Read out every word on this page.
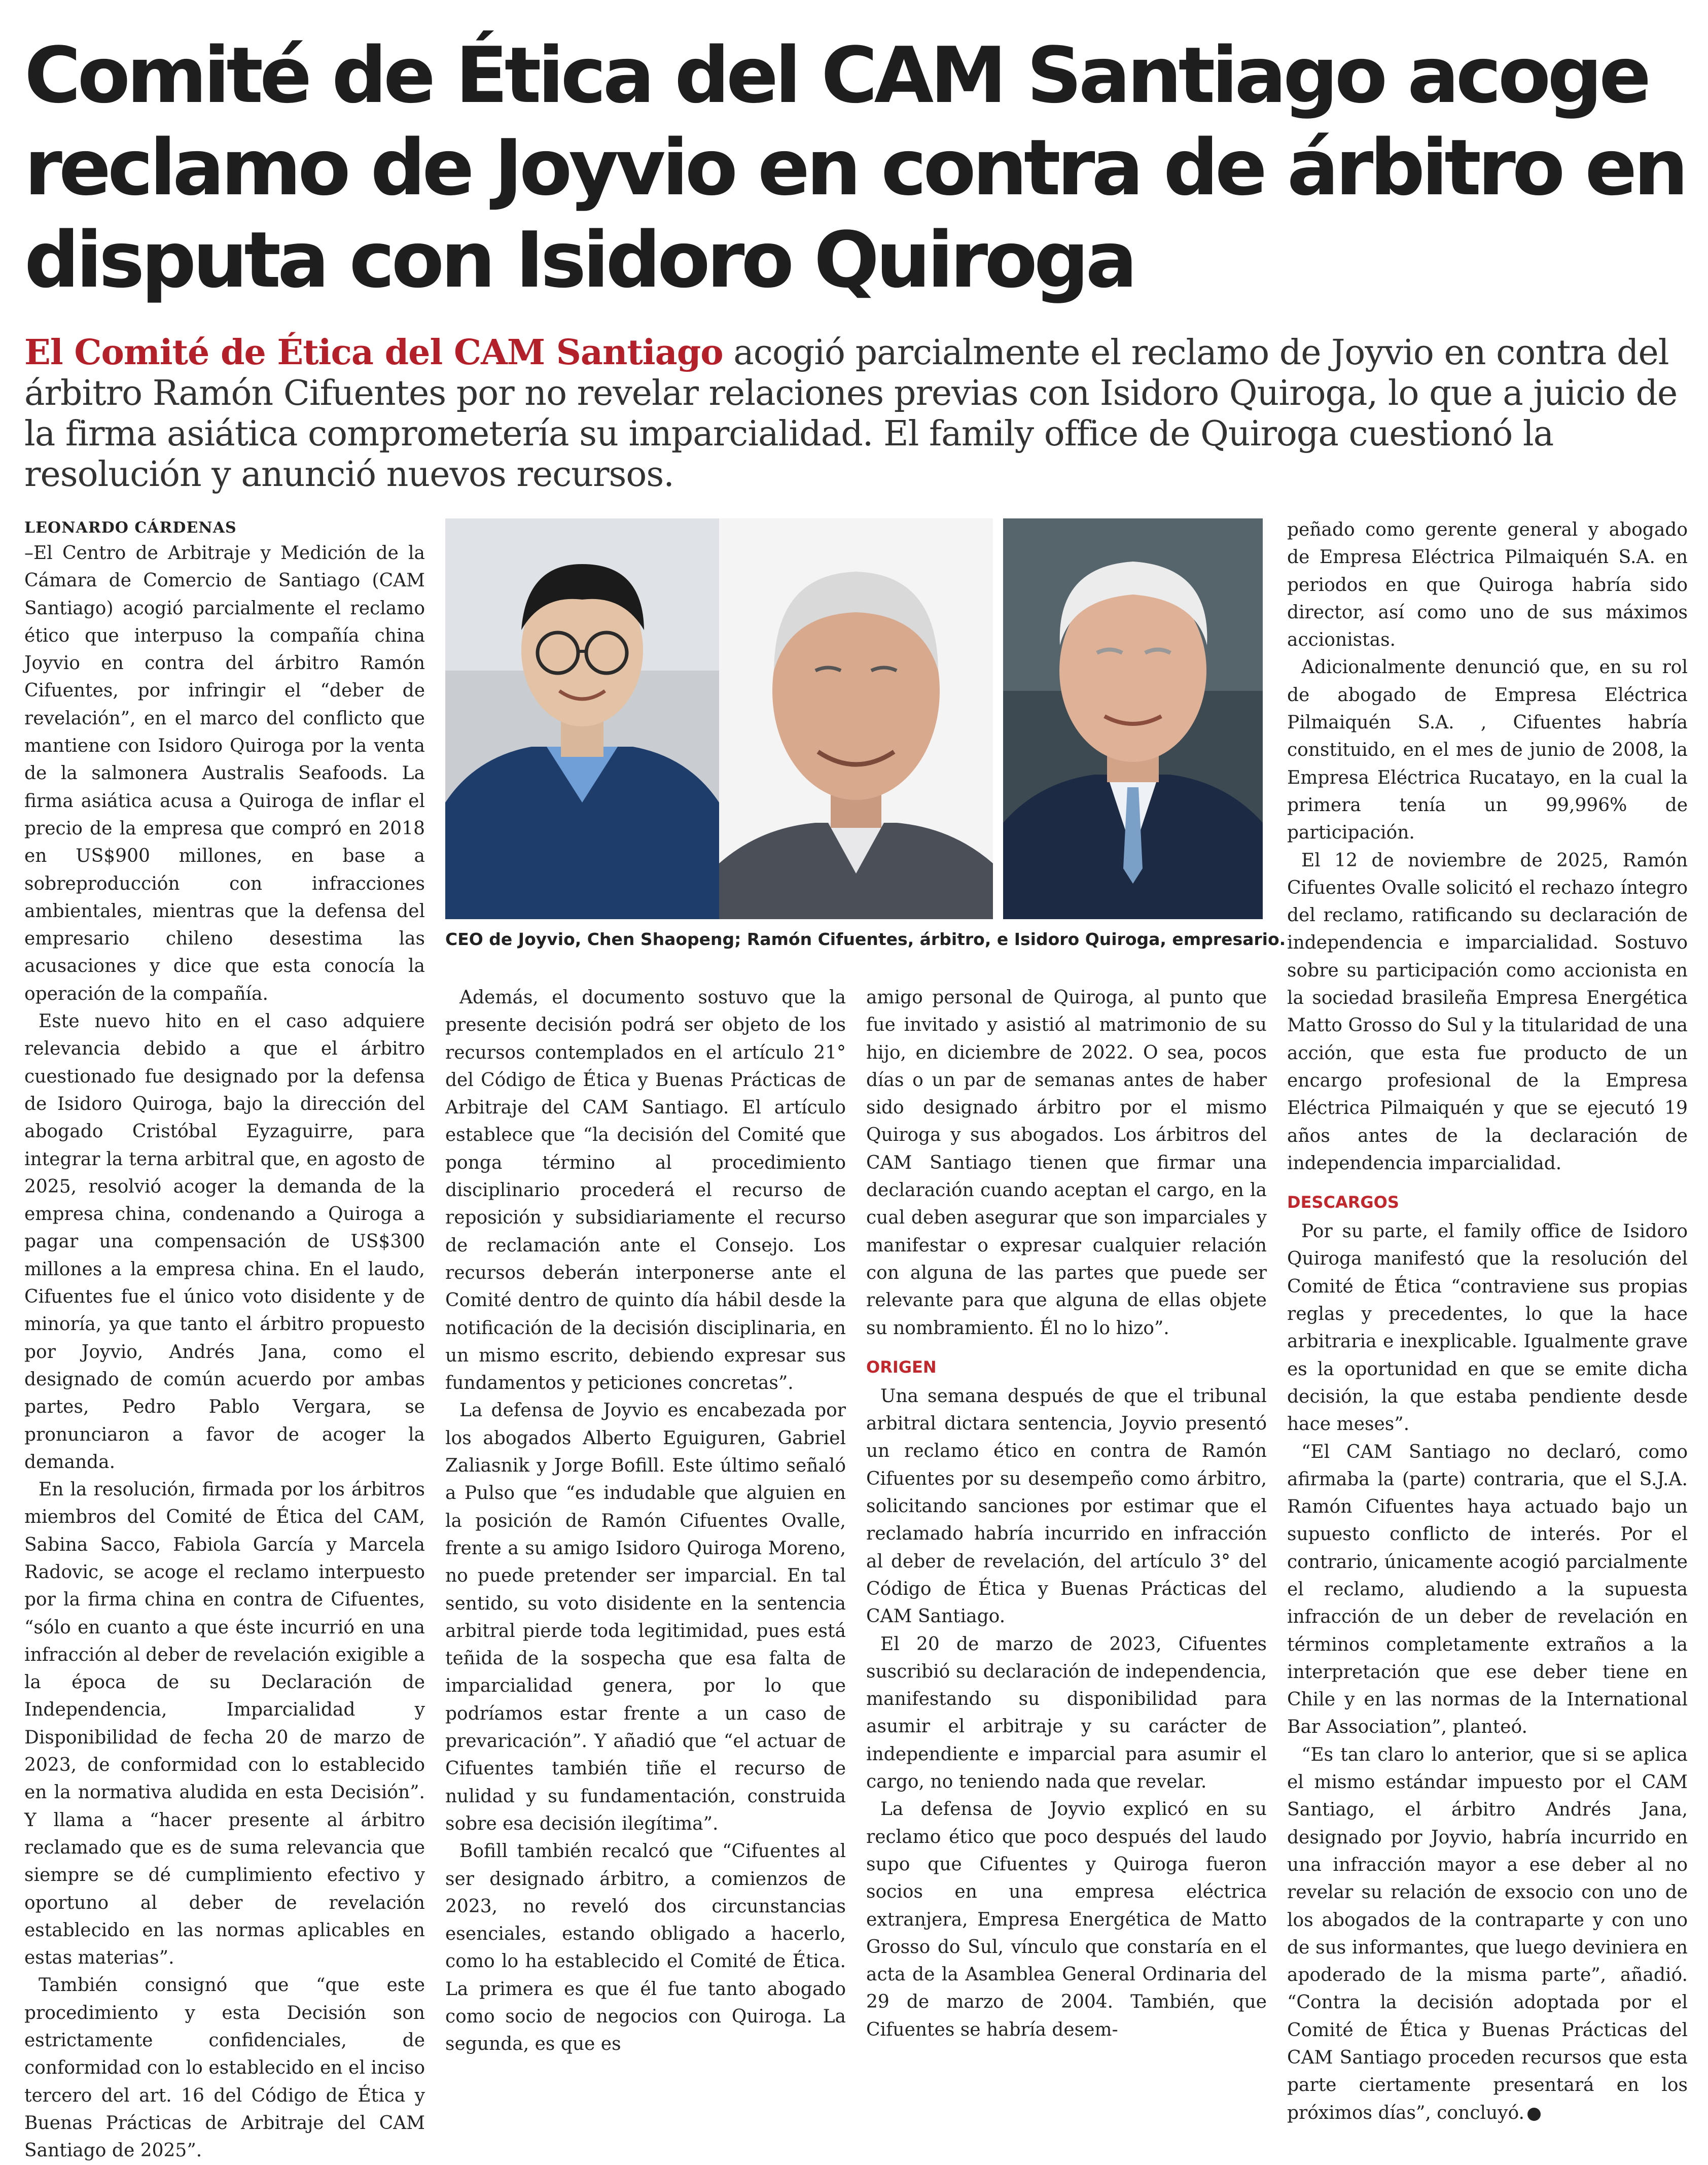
Comité de Ética del CAM Santiago acoge
reclamo de Joyvio en contra de árbitro en
disputa con Isidoro Quiroga

El Comité de Ética del CAM Santiago acogió parcialmente el reclamo de Joyvio en contra del árbitro Ramón Cifuentes por no revelar relaciones previas con Isidoro Quiroga, lo que a juicio de la firma asiática comprometería su imparcialidad. El family office de Quiroga cuestionó la resolución y anunció nuevos recursos.

LEONARDO CÁRDENAS

–El Centro de Arbitraje y Medición de la Cámara de Comercio de Santiago (CAM Santiago) acogió parcialmente el reclamo ético que interpuso la compañía china Joyvio en contra del árbitro Ramón Cifuentes, por infringir el “deber de revelación”, en el marco del conflicto que mantiene con Isidoro Quiroga por la venta de la salmonera Australis Seafoods. La firma asiática acusa a Quiroga de inflar el precio de la empresa que compró en 2018 en US$900 millones, en base a sobreproducción con infracciones ambientales, mientras que la defensa del empresario chileno desestima las acusaciones y dice que esta conocía la operación de la compañía.

Este nuevo hito en el caso adquiere relevancia debido a que el árbitro cuestionado fue designado por la defensa de Isidoro Quiroga, bajo la dirección del abogado Cristóbal Eyzaguirre, para integrar la terna arbitral que, en agosto de 2025, resolvió acoger la demanda de la empresa china, condenando a Quiroga a pagar una compensación de US$300 millones a la empresa china. En el laudo, Cifuentes fue el único voto disidente y de minoría, ya que tanto el árbitro propuesto por Joyvio, Andrés Jana, como el designado de común acuerdo por ambas partes, Pedro Pablo Vergara, se pronunciaron a favor de acoger la demanda.

En la resolución, firmada por los árbitros miembros del Comité de Ética del CAM, Sabina Sacco, Fabiola García y Marcela Radovic, se acoge el reclamo interpuesto por la firma china en contra de Cifuentes, “sólo en cuanto a que éste incurrió en una infracción al deber de revelación exigible a la época de su Declaración de Independencia, Imparcialidad y Disponibilidad de fecha 20 de marzo de 2023, de conformidad con lo establecido en la normativa aludida en esta Decisión”. Y llama a “hacer presente al árbitro reclamado que es de suma relevancia que siempre se dé cumplimiento efectivo y oportuno al deber de revelación establecido en las normas aplicables en estas materias”.

También consignó que “que este procedimiento y esta Decisión son estrictamente confidenciales, de conformidad con lo establecido en el inciso tercero del art. 16 del Código de Ética y Buenas Prácticas de Arbitraje del CAM Santiago de 2025”.

CEO de Joyvio, Chen Shaopeng; Ramón Cifuentes, árbitro, e Isidoro Quiroga, empresario.

Además, el documento sostuvo que la presente decisión podrá ser objeto de los recursos contemplados en el artículo 21° del Código de Ética y Buenas Prácticas de Arbitraje del CAM Santiago. El artículo establece que “la decisión del Comité que ponga término al procedimiento disciplinario procederá el recurso de reposición y subsidiariamente el recurso de reclamación ante el Consejo. Los recursos deberán interponerse ante el Comité dentro de quinto día hábil desde la notificación de la decisión disciplinaria, en un mismo escrito, debiendo expresar sus fundamentos y peticiones concretas”.

La defensa de Joyvio es encabezada por los abogados Alberto Eguiguren, Gabriel Zaliasnik y Jorge Bofill. Este último señaló a Pulso que “es indudable que alguien en la posición de Ramón Cifuentes Ovalle, frente a su amigo Isidoro Quiroga Moreno, no puede pretender ser imparcial. En tal sentido, su voto disidente en la sentencia arbitral pierde toda legitimidad, pues está teñida de la sospecha que esa falta de imparcialidad genera, por lo que podríamos estar frente a un caso de prevaricación”. Y añadió que “el actuar de Cifuentes también tiñe el recurso de nulidad y su fundamentación, construida sobre esa decisión ilegítima”.

Bofill también recalcó que “Cifuentes al ser designado árbitro, a comienzos de 2023, no reveló dos circunstancias esenciales, estando obligado a hacerlo, como lo ha establecido el Comité de Ética. La primera es que él fue tanto abogado como socio de negocios con Quiroga. La segunda, es que es

amigo personal de Quiroga, al punto que fue invitado y asistió al matrimonio de su hijo, en diciembre de 2022. O sea, pocos días o un par de semanas antes de haber sido designado árbitro por el mismo Quiroga y sus abogados. Los árbitros del CAM Santiago tienen que firmar una declaración cuando aceptan el cargo, en la cual deben asegurar que son imparciales y manifestar o expresar cualquier relación con alguna de las partes que puede ser relevante para que alguna de ellas objete su nombramiento. Él no lo hizo”.

ORIGEN

Una semana después de que el tribunal arbitral dictara sentencia, Joyvio presentó un reclamo ético en contra de Ramón Cifuentes por su desempeño como árbitro, solicitando sanciones por estimar que el reclamado habría incurrido en infracción al deber de revelación, del artículo 3° del Código de Ética y Buenas Prácticas del CAM Santiago.

El 20 de marzo de 2023, Cifuentes suscribió su declaración de independencia, manifestando su disponibilidad para asumir el arbitraje y su carácter de independiente e imparcial para asumir el cargo, no teniendo nada que revelar.

La defensa de Joyvio explicó en su reclamo ético que poco después del laudo supo que Cifuentes y Quiroga fueron socios en una empresa eléctrica extranjera, Empresa Energética de Matto Grosso do Sul, vínculo que constaría en el acta de la Asamblea General Ordinaria del 29 de marzo de 2004. También, que Cifuentes se habría desem-

peñado como gerente general y abogado de Empresa Eléctrica Pilmaiquén S.A. en periodos en que Quiroga habría sido director, así como uno de sus máximos accionistas.

Adicionalmente denunció que, en su rol de abogado de Empresa Eléctrica Pilmaiquén S.A. , Cifuentes habría constituido, en el mes de junio de 2008, la Empresa Eléctrica Rucatayo, en la cual la primera tenía un 99,996% de participación.

El 12 de noviembre de 2025, Ramón Cifuentes Ovalle solicitó el rechazo íntegro del reclamo, ratificando su declaración de independencia e imparcialidad. Sostuvo sobre su participación como accionista en la sociedad brasileña Empresa Energética Matto Grosso do Sul y la titularidad de una acción, que esta fue producto de un encargo profesional de la Empresa Eléctrica Pilmaiquén y que se ejecutó 19 años antes de la declaración de independencia imparcialidad.

DESCARGOS

Por su parte, el family office de Isidoro Quiroga manifestó que la resolución del Comité de Ética “contraviene sus propias reglas y precedentes, lo que la hace arbitraria e inexplicable. Igualmente grave es la oportunidad en que se emite dicha decisión, la que estaba pendiente desde hace meses”.

“El CAM Santiago no declaró, como afirmaba la (parte) contraria, que el S.J.A. Ramón Cifuentes haya actuado bajo un supuesto conflicto de interés. Por el contrario, únicamente acogió parcialmente el reclamo, aludiendo a la supuesta infracción de un deber de revelación en términos completamente extraños a la interpretación que ese deber tiene en Chile y en las normas de la International Bar Association”, planteó.

“Es tan claro lo anterior, que si se aplica el mismo estándar impuesto por el CAM Santiago, el árbitro Andrés Jana, designado por Joyvio, habría incurrido en una infracción mayor a ese deber al no revelar su relación de exsocio con uno de los abogados de la contraparte y con uno de sus informantes, que luego deviniera en apoderado de la misma parte”, añadió. “Contra la decisión adoptada por el Comité de Ética y Buenas Prácticas del CAM Santiago proceden recursos que esta parte ciertamente presentará en los próximos días”, concluyó. P
